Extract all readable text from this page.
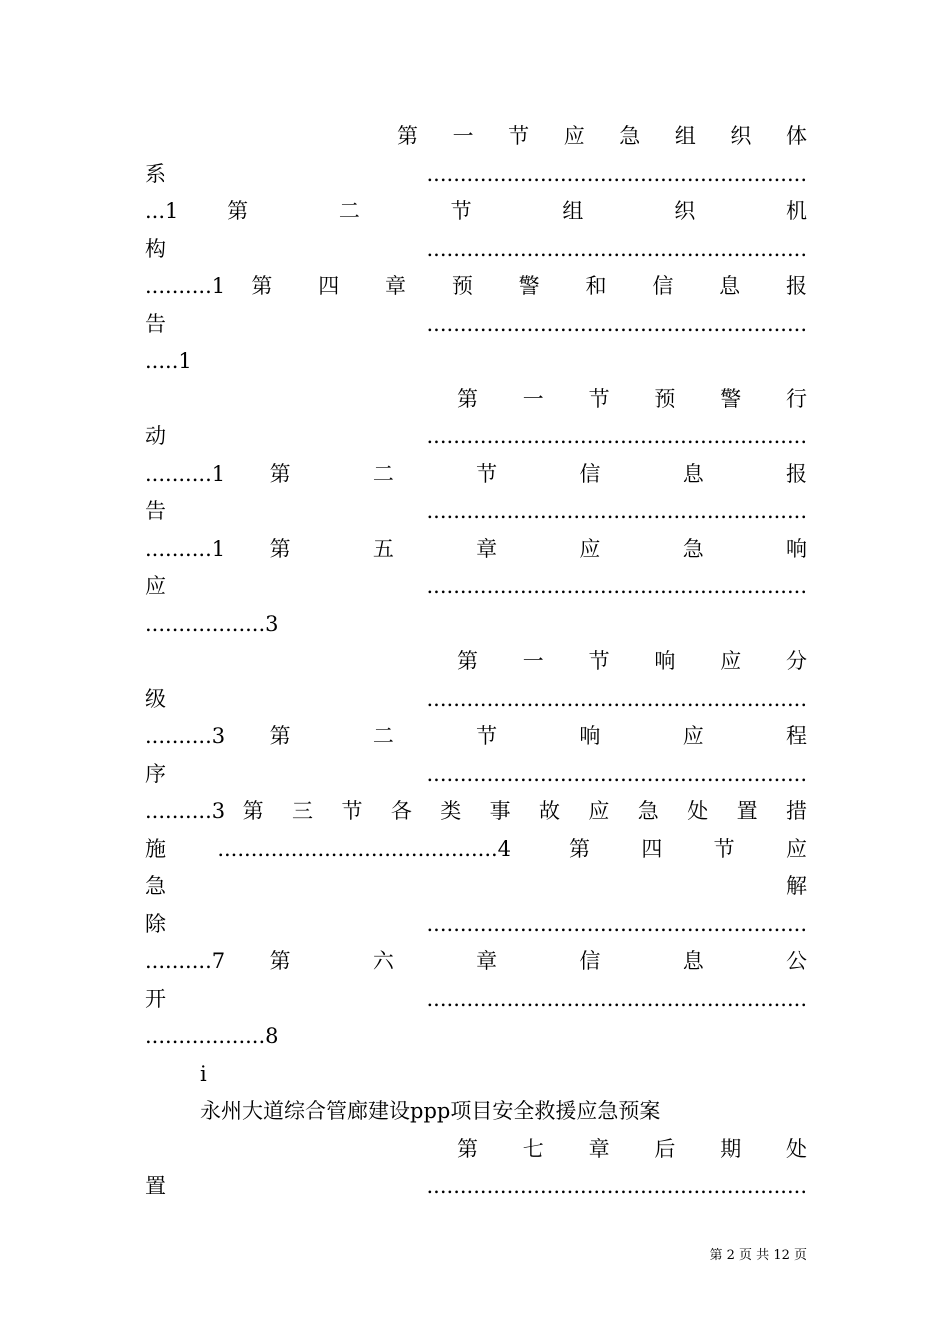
第 一 节 应 急 组 织 体
系.........................................................
...1 第 二 节 组 织 机
构.........................................................
..........1 第 四 章 预 警 和 信 息 报
告.........................................................
.....1
第 一 节 预 警 行
动.........................................................
..........1 第 二 节 信 息 报
告.........................................................
..........1 第 五 章 应 急 响
应.........................................................
..................3
第 一 节 响 应 分
级.........................................................
..........3 第 二 节 响 应 程
序.........................................................
..........3 第 三 节 各 类 事 故 应 急 处 置 措
施..........................................4 第四节应
急 解
除.........................................................
..........7 第 六 章 信 息 公
开.........................................................
..................8
i
永州大道综合管廊建设ppp项目安全救援应急预案
第 七 章 后 期 处
置.........................................................
第 2 页 共 12 页
